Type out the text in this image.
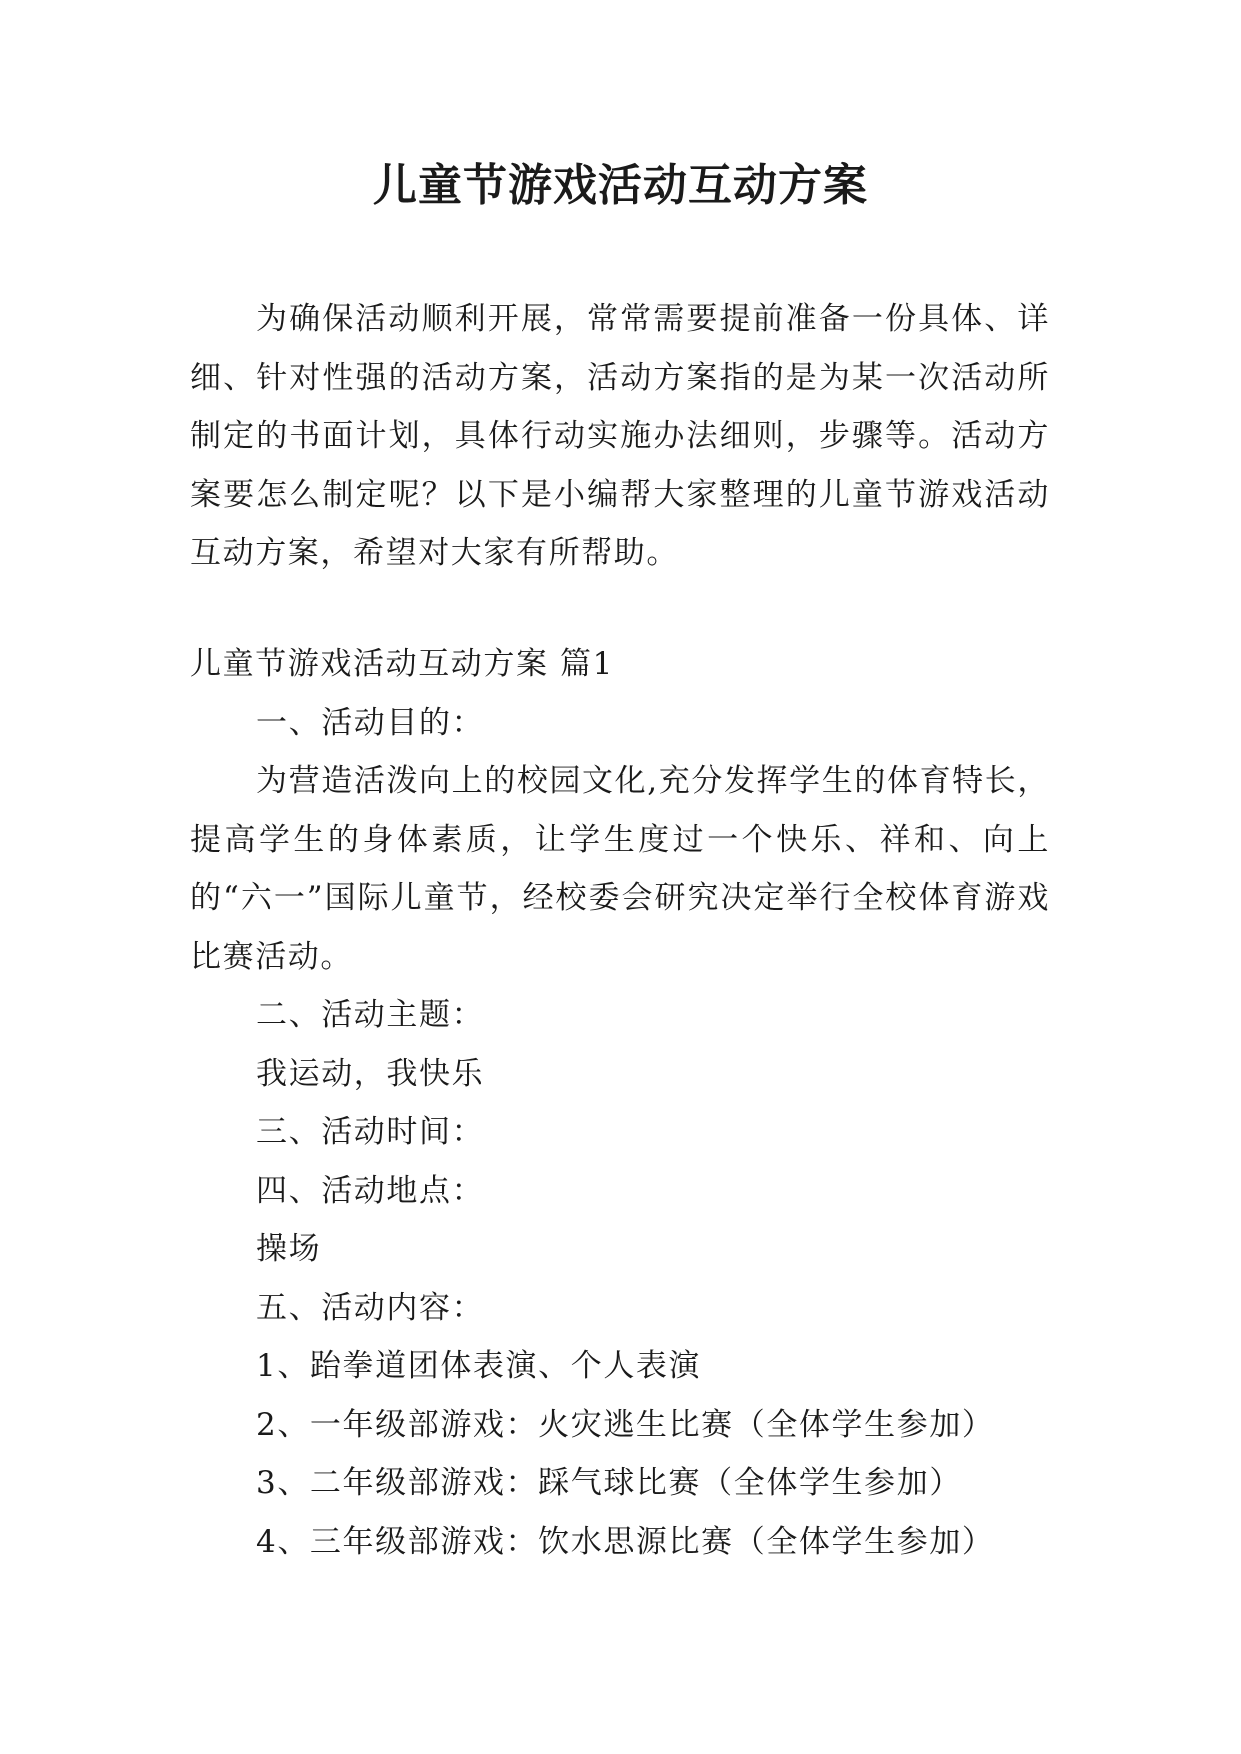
儿童节游戏活动互动方案

为确保活动顺利开展，常常需要提前准备一份具体、详细、针对性强的活动方案，活动方案指的是为某一次活动所制定的书面计划，具体行动实施办法细则，步骤等。活动方案要怎么制定呢？以下是小编帮大家整理的儿童节游戏活动互动方案，希望对大家有所帮助。

儿童节游戏活动互动方案 篇1

一、活动目的：

为营造活泼向上的校园文化,充分发挥学生的体育特长，提高学生的身体素质，让学生度过一个快乐、祥和、向上的“六一”国际儿童节，经校委会研究决定举行全校体育游戏比赛活动。

二、活动主题：

我运动，我快乐

三、活动时间：

四、活动地点：

操场

五、活动内容：

1、跆拳道团体表演、个人表演

2、一年级部游戏：火灾逃生比赛（全体学生参加）

3、二年级部游戏：踩气球比赛（全体学生参加）

4、三年级部游戏：饮水思源比赛（全体学生参加）
